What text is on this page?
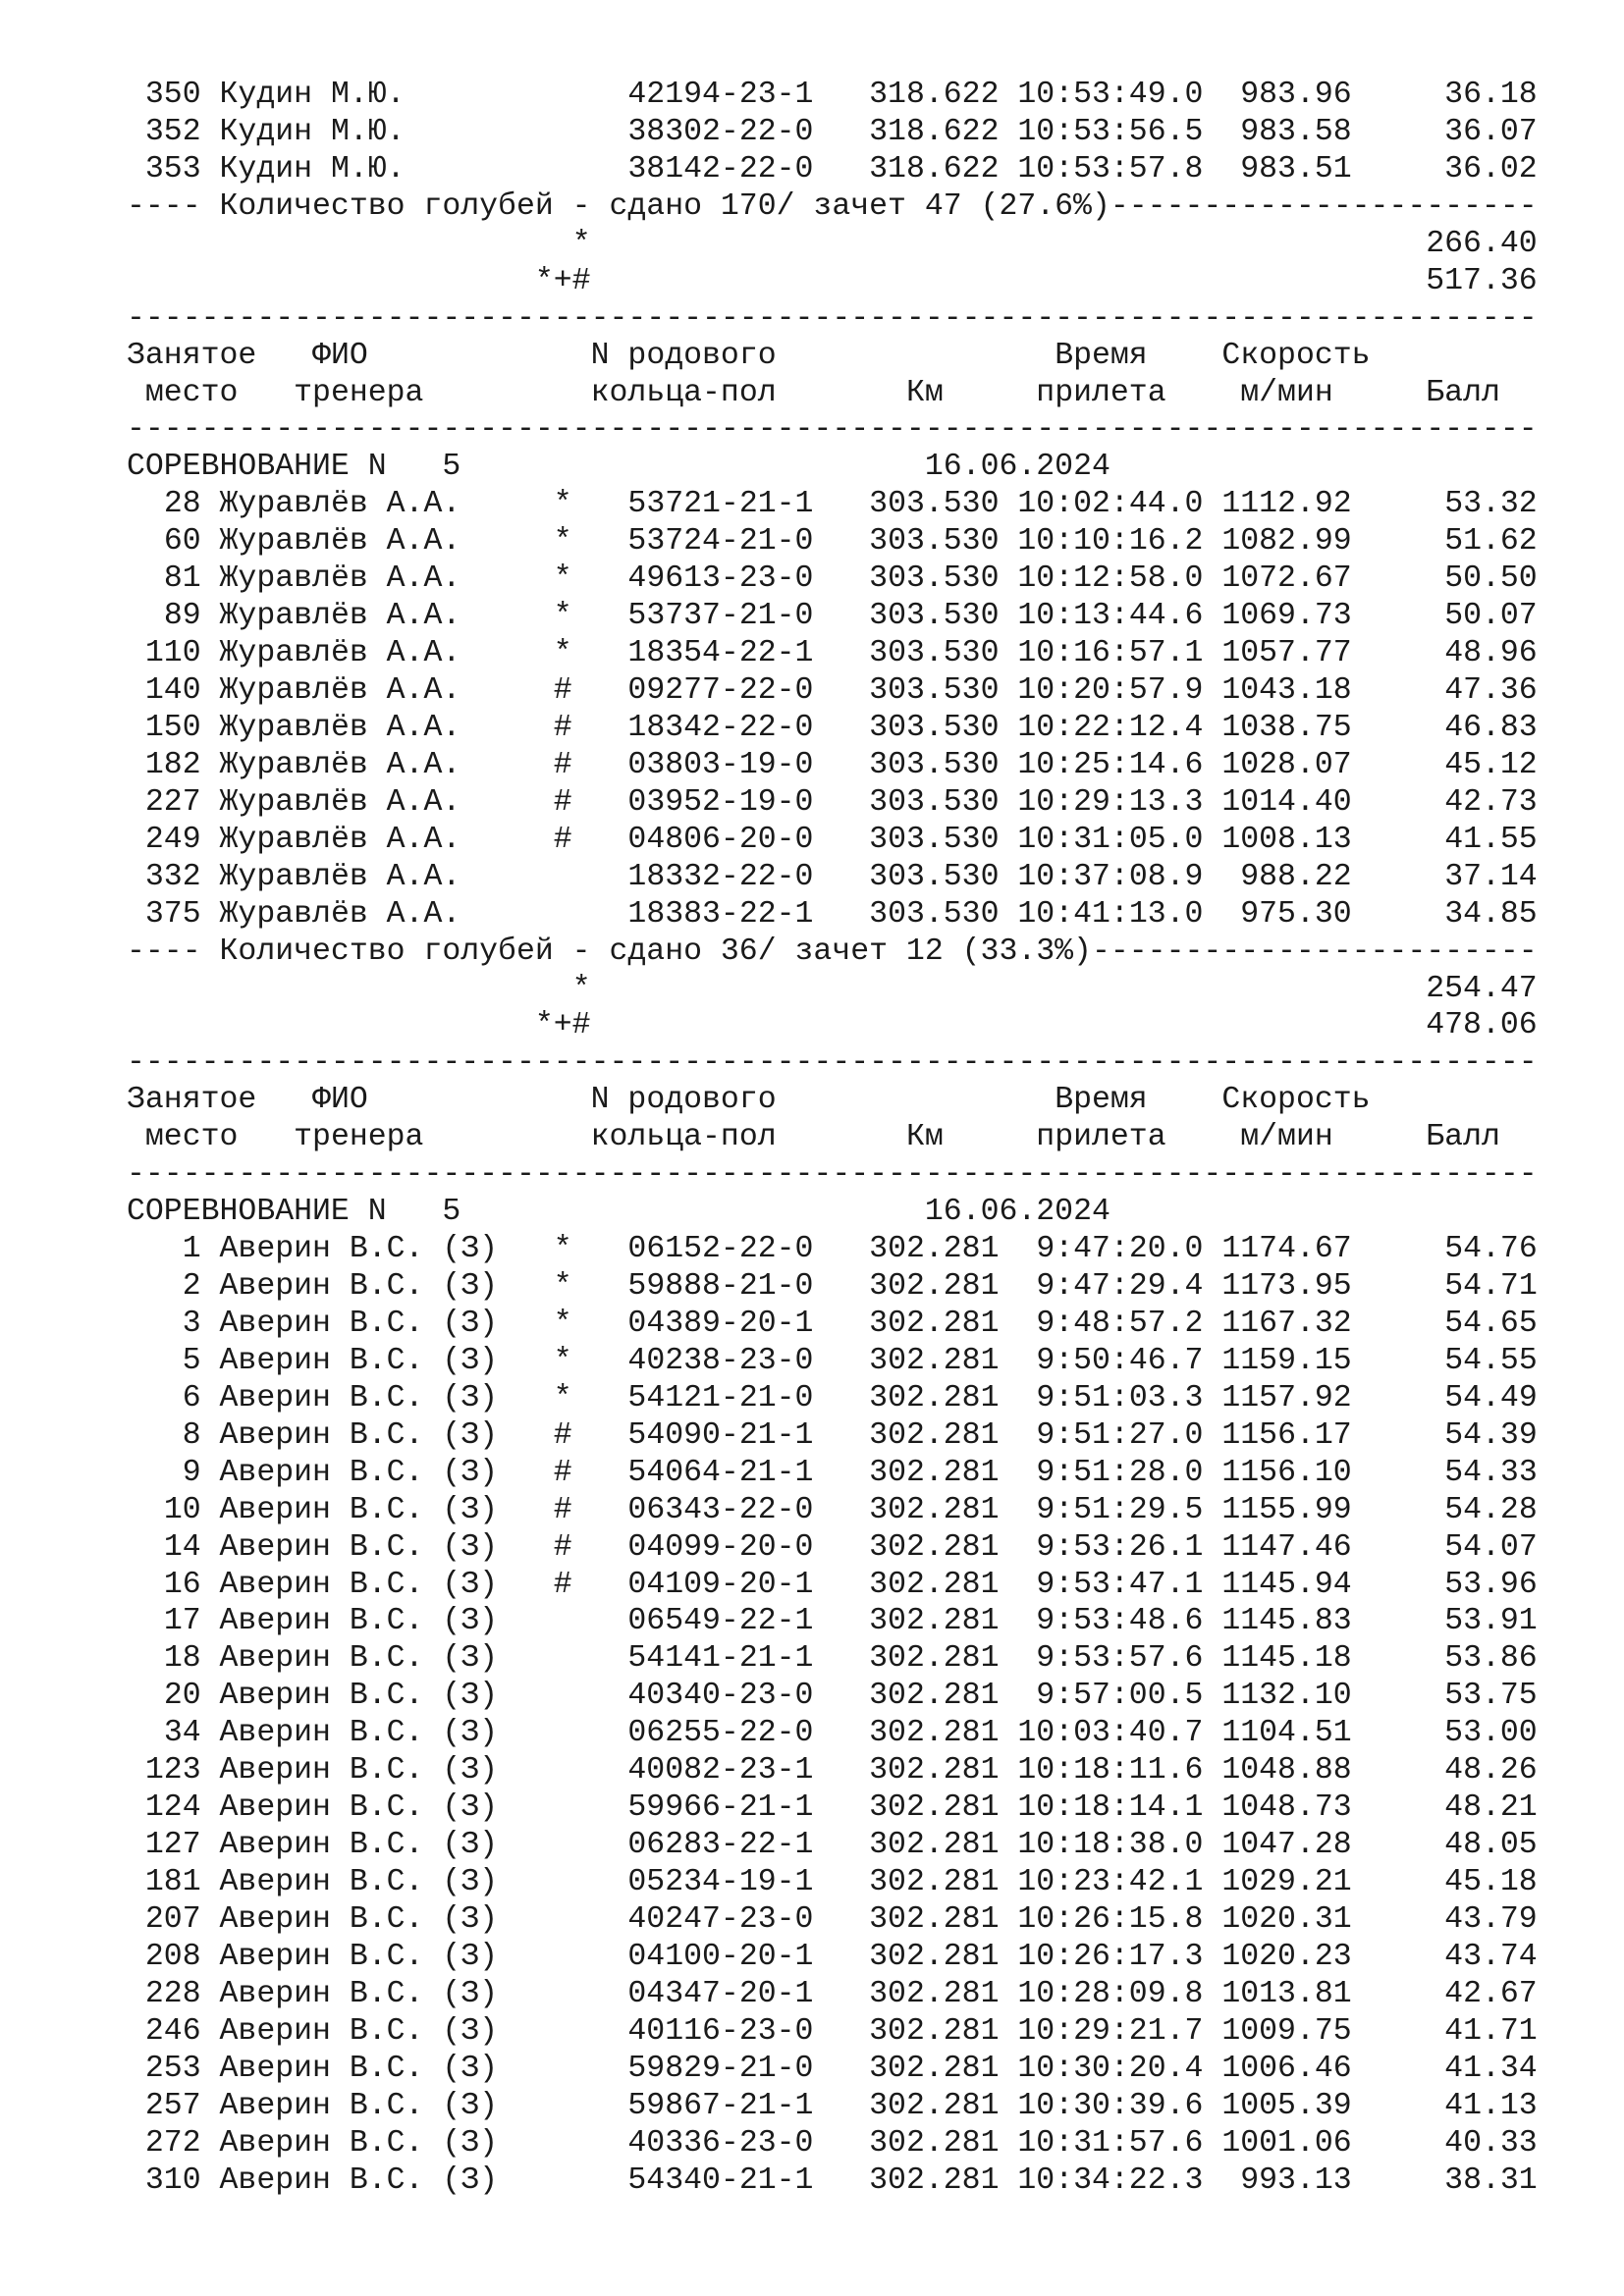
350 Кудин М.Ю.	42194-23-1 318.622 10:53:49.0 983.96	36.18
352 Кудин М.Ю.	38302-22-0 318.622 10:53:56.5 983.58	36.07
353 Кудин М.Ю.	38142-22-0 318.622 10:53:57.8 983.51	36.02
---- Количество голубей - сдано 170/ зачет 47 (27.6%)-----------------------
*	266.40
*+#	517.36
----------------------------------------------------------------------------
Занятое ФИО	N родового	Время Скорость
место тренера	кольца-пол	Км	прилета м/мин	Балл
----------------------------------------------------------------------------
СОРЕВНОВАНИЕ N 5	16.06.2024
28 Журавлёв А.А.	* 53721-21-1 303.530 10:02:44.0 1112.92	53.32
60 Журавлёв А.А.	* 53724-21-0 303.530 10:10:16.2 1082.99	51.62
81 Журавлёв А.А.	* 49613-23-0 303.530 10:12:58.0 1072.67	50.50
89 Журавлёв А.А.	* 53737-21-0 303.530 10:13:44.6 1069.73	50.07
110 Журавлёв А.А.	* 18354-22-1 303.530 10:16:57.1 1057.77	48.96
140 Журавлёв А.А.	# 09277-22-0 303.530 10:20:57.9 1043.18	47.36
150 Журавлёв А.А.	# 18342-22-0 303.530 10:22:12.4 1038.75	46.83
182 Журавлёв А.А.	# 03803-19-0 303.530 10:25:14.6 1028.07	45.12
227 Журавлёв А.А.	# 03952-19-0 303.530 10:29:13.3 1014.40	42.73
249 Журавлёв А.А.	# 04806-20-0 303.530 10:31:05.0 1008.13	41.55
332 Журавлёв А.А.	18332-22-0 303.530 10:37:08.9 988.22	37.14
375 Журавлёв А.А.	18383-22-1 303.530 10:41:13.0 975.30	34.85
---- Количество голубей - сдано 36/ зачет 12 (33.3%)------------------------
*	254.47
*+#	478.06
----------------------------------------------------------------------------
Занятое ФИО	N родового	Время Скорость
место тренера	кольца-пол	Км	прилета м/мин	Балл
----------------------------------------------------------------------------
СОРЕВНОВАНИЕ N 5	16.06.2024
1 Аверин В.С. (З) * 06152-22-0 302.281 9:47:20.0 1174.67	54.76
2 Аверин В.С. (З) * 59888-21-0 302.281 9:47:29.4 1173.95	54.71
3 Аверин В.С. (З) * 04389-20-1 302.281 9:48:57.2 1167.32	54.65
5 Аверин В.С. (З) * 40238-23-0 302.281 9:50:46.7 1159.15	54.55
6 Аверин В.С. (З) * 54121-21-0 302.281 9:51:03.3 1157.92	54.49
8 Аверин В.С. (З) # 54090-21-1 302.281 9:51:27.0 1156.17	54.39
9 Аверин В.С. (З) # 54064-21-1 302.281 9:51:28.0 1156.10	54.33
10 Аверин В.С. (З) # 06343-22-0 302.281 9:51:29.5 1155.99	54.28
14 Аверин В.С. (З) # 04099-20-0 302.281 9:53:26.1 1147.46	54.07
16 Аверин В.С. (З) # 04109-20-1 302.281 9:53:47.1 1145.94	53.96
17 Аверин В.С. (З)	06549-22-1 302.281 9:53:48.6 1145.83	53.91
18 Аверин В.С. (З)	54141-21-1 302.281 9:53:57.6 1145.18	53.86
20 Аверин В.С. (З)	40340-23-0 302.281 9:57:00.5 1132.10	53.75
34 Аверин В.С. (З)	06255-22-0 302.281 10:03:40.7 1104.51	53.00
123 Аверин В.С. (З)	40082-23-1 302.281 10:18:11.6 1048.88	48.26
124 Аверин В.С. (З)	59966-21-1 302.281 10:18:14.1 1048.73	48.21
127 Аверин В.С. (З)	06283-22-1 302.281 10:18:38.0 1047.28	48.05
181 Аверин В.С. (З)	05234-19-1 302.281 10:23:42.1 1029.21	45.18
207 Аверин В.С. (З)	40247-23-0 302.281 10:26:15.8 1020.31	43.79
208 Аверин В.С. (З)	04100-20-1 302.281 10:26:17.3 1020.23	43.74
228 Аверин В.С. (З)	04347-20-1 302.281 10:28:09.8 1013.81	42.67
246 Аверин В.С. (З)	40116-23-0 302.281 10:29:21.7 1009.75	41.71
253 Аверин В.С. (З)	59829-21-0 302.281 10:30:20.4 1006.46	41.34
257 Аверин В.С. (З)	59867-21-1 302.281 10:30:39.6 1005.39	41.13
272 Аверин В.С. (З)	40336-23-0 302.281 10:31:57.6 1001.06	40.33
310 Аверин В.С. (З)	54340-21-1 302.281 10:34:22.3 993.13	38.31
